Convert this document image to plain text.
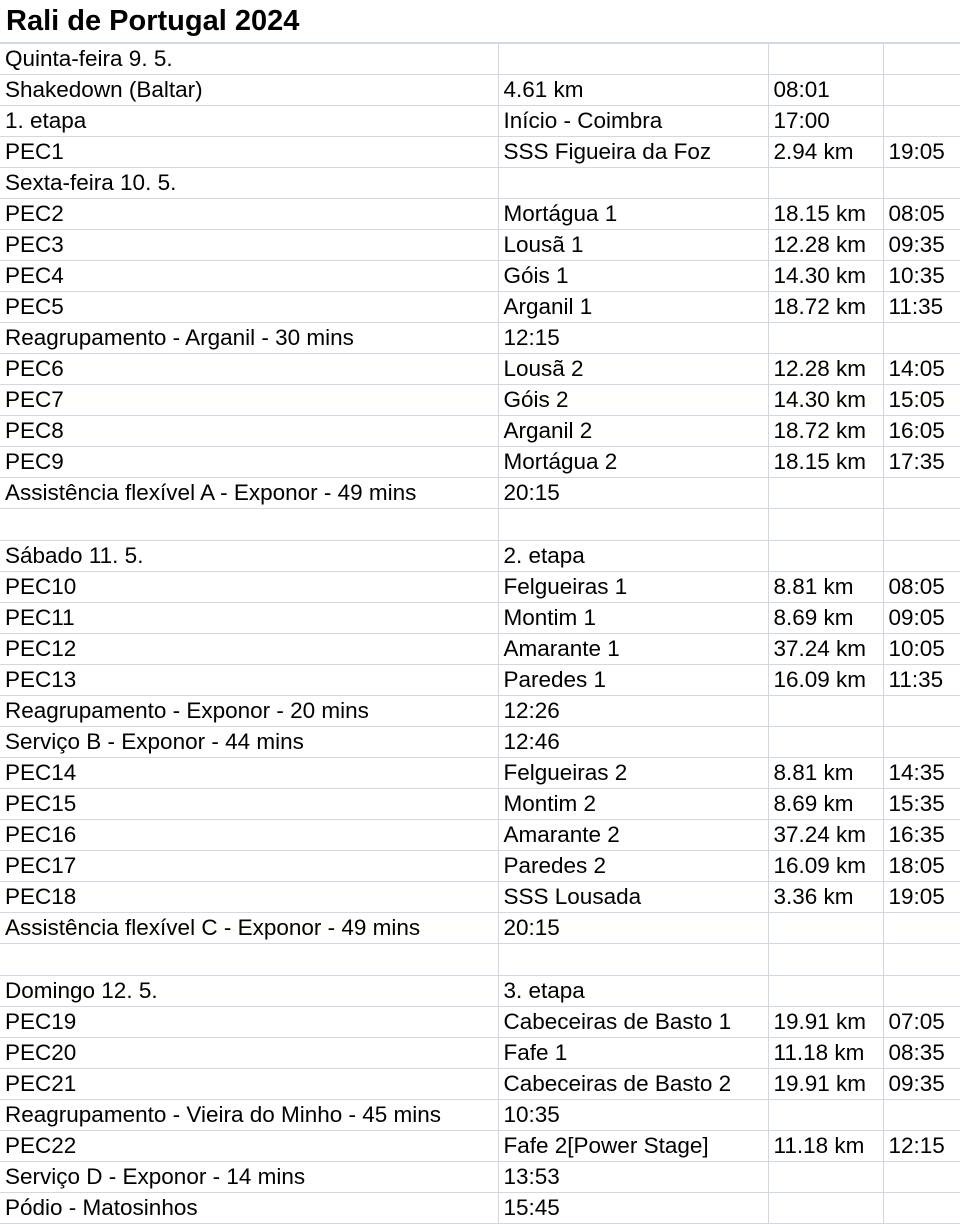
Rali de Portugal 2024
Quinta-feira 9. 5.			
Shakedown (Baltar)	4.61 km	08:01	
1. etapa	Início - Coimbra	17:00	
PEC1	SSS Figueira da Foz	2.94 km	19:05
Sexta-feira 10. 5.			
PEC2	Mortágua 1	18.15 km	08:05
PEC3	Lousã 1	12.28 km	09:35
PEC4	Góis 1	14.30 km	10:35
PEC5	Arganil 1	18.72 km	11:35
Reagrupamento - Arganil - 30 mins	12:15		
PEC6	Lousã 2	12.28 km	14:05
PEC7	Góis 2	14.30 km	15:05
PEC8	Arganil 2	18.72 km	16:05
PEC9	Mortágua 2	18.15 km	17:35
Assistência flexível A - Exponor - 49 mins	20:15		

Sábado 11. 5.	2. etapa		
PEC10	Felgueiras 1	8.81 km	08:05
PEC11	Montim 1	8.69 km	09:05
PEC12	Amarante 1	37.24 km	10:05
PEC13	Paredes 1	16.09 km	11:35
Reagrupamento - Exponor - 20 mins	12:26		
Serviço B - Exponor - 44 mins	12:46		
PEC14	Felgueiras 2	8.81 km	14:35
PEC15	Montim 2	8.69 km	15:35
PEC16	Amarante 2	37.24 km	16:35
PEC17	Paredes 2	16.09 km	18:05
PEC18	SSS Lousada	3.36 km	19:05
Assistência flexível C - Exponor - 49 mins	20:15		

Domingo 12. 5.	3. etapa		
PEC19	Cabeceiras de Basto 1	19.91 km	07:05
PEC20	Fafe 1	11.18 km	08:35
PEC21	Cabeceiras de Basto 2	19.91 km	09:35
Reagrupamento - Vieira do Minho - 45 mins	10:35		
PEC22	Fafe 2[Power Stage]	11.18 km	12:15
Serviço D - Exponor - 14 mins	13:53		
Pódio - Matosinhos	15:45		
